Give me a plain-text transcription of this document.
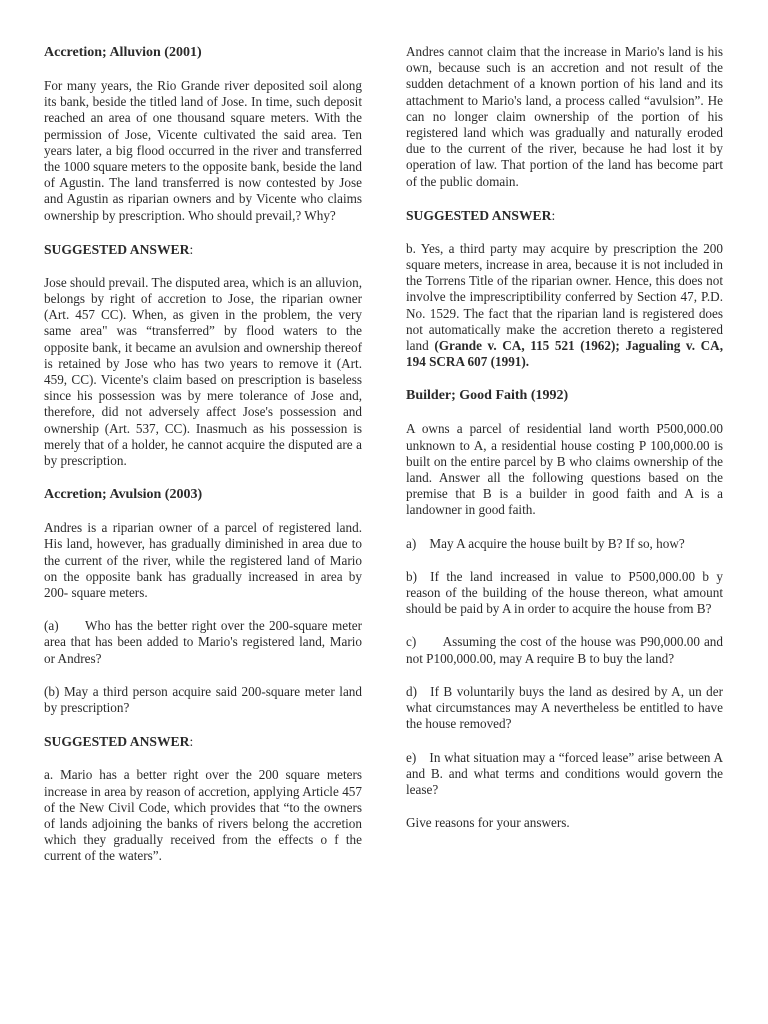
Accretion; Alluvion (2001)

For many years, the Rio Grande river deposited soil along its bank, beside the titled land of Jose. In time, such deposit reached an area of one thousand square meters. With the permission of Jose, Vicente cultivated the said area. Ten years later, a big flood occurred in the river and transferred the 1000 square meters to the opposite bank, beside the land of Agustin. The land transferred is now contested by Jose and Agustin as riparian owners and by Vicente who claims ownership by prescription. Who should prevail,? Why?

SUGGESTED ANSWER:

Jose should prevail. The disputed area, which is an alluvion, belongs by right of accretion to Jose, the riparian owner (Art. 457 CC). When, as given in the problem, the very same area" was “transferred” by flood waters to the opposite bank, it became an avulsion and ownership thereof is retained by Jose who has two years to remove it (Art. 459, CC). Vicente's claim based on prescription is baseless since his possession was by mere tolerance of Jose and, therefore, did not adversely affect Jose's possession and ownership (Art. 537, CC). Inasmuch as his possession is merely that of a holder, he cannot acquire the disputed are a by prescription.

Accretion; Avulsion (2003)

Andres is a riparian owner of a parcel of registered land. His land, however, has gradually diminished in area due to the current of the river, while the registered land of Mario on the opposite bank has gradually increased in area by 200- square meters.

(a)  Who has the better right over the 200-square meter area that has been added to Mario's registered land, Mario or Andres?

(b) May a third person acquire said 200-square meter land by prescription?

SUGGESTED ANSWER:

a. Mario has a better right over the 200 square meters increase in area by reason of accretion, applying Article 457 of the New Civil Code, which provides that “to the owners of lands adjoining the banks of rivers belong the accretion which they gradually received from the effects o f the current of the waters”.

Andres cannot claim that the increase in Mario's land is his own, because such is an accretion and not result of the sudden detachment of a known portion of his land and its attachment to Mario's land, a process called “avulsion”. He can no longer claim ownership of the portion of his registered land which was gradually and naturally eroded due to the current of the river, because he had lost it by operation of law. That portion of the land has become part of the public domain.

SUGGESTED ANSWER:

b. Yes, a third party may acquire by prescription the 200 square meters, increase in area, because it is not included in the Torrens Title of the riparian owner. Hence, this does not involve the imprescriptibility conferred by Section 47, P.D. No. 1529. The fact that the riparian land is registered does not automatically make the accretion thereto a registered land (Grande v. CA, 115 521 (1962); Jagualing v. CA, 194 SCRA 607 (1991).

Builder; Good Faith (1992)

A owns a parcel of residential land worth P500,000.00 unknown to A, a residential house costing P 100,000.00 is built on the entire parcel by B who claims ownership of the land. Answer all the following questions based on the premise that B is a builder in good faith and A is a landowner in good faith.

a) May A acquire the house built by B? If so, how?

b) If the land increased in value to P500,000.00 b y reason of the building of the house thereon, what amount should be paid by A in order to acquire the house from B?

c)  Assuming the cost of the house was P90,000.00 and not P100,000.00, may A require B to buy the land?

d) If B voluntarily buys the land as desired by A, un der what circumstances may A nevertheless be entitled to have the house removed?

e) In what situation may a “forced lease” arise between A and B. and what terms and conditions would govern the lease?

Give reasons for your answers.
